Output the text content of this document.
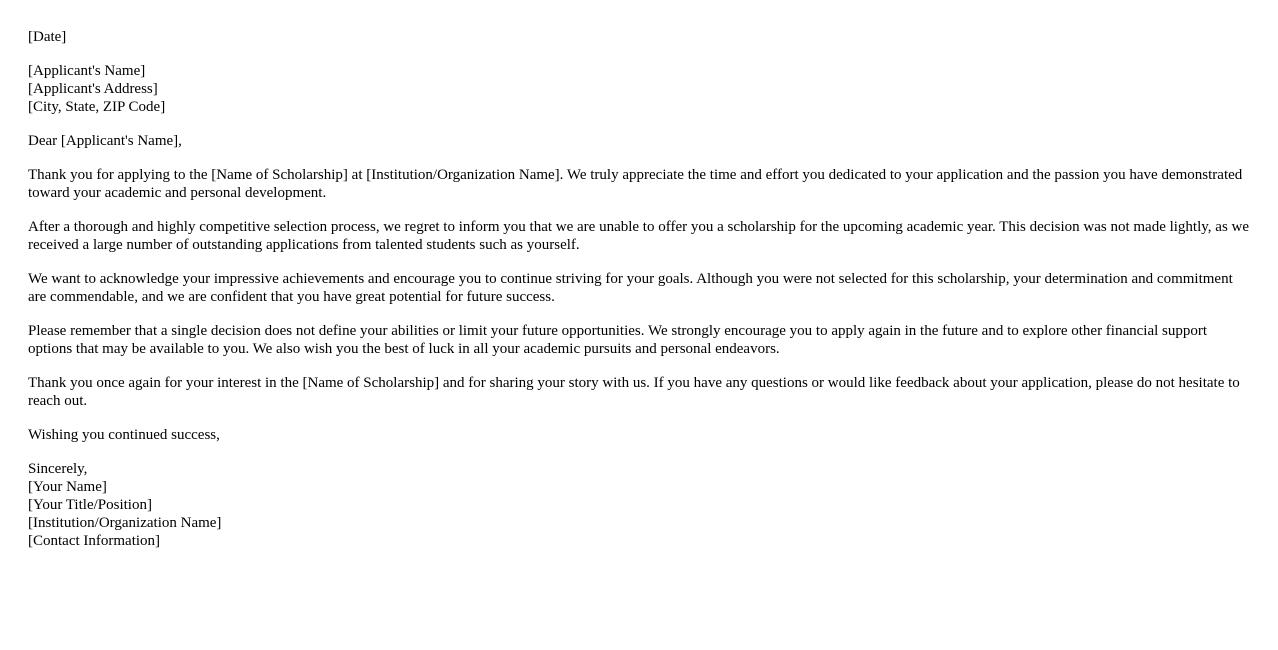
[Date]
[Applicant's Name]
[Applicant's Address]
[City, State, ZIP Code]
Dear [Applicant's Name],

Thank you for applying to the [Name of Scholarship] at [Institution/Organization Name]. We truly appreciate the time and effort you dedicated to your application and the passion you have demonstrated toward your academic and personal development.

After a thorough and highly competitive selection process, we regret to inform you that we are unable to offer you a scholarship for the upcoming academic year. This decision was not made lightly, as we received a large number of outstanding applications from talented students such as yourself.

We want to acknowledge your impressive achievements and encourage you to continue striving for your goals. Although you were not selected for this scholarship, your determination and commitment are commendable, and we are confident that you have great potential for future success.

Please remember that a single decision does not define your abilities or limit your future opportunities. We strongly encourage you to apply again in the future and to explore other financial support options that may be available to you. We also wish you the best of luck in all your academic pursuits and personal endeavors.

Thank you once again for your interest in the [Name of Scholarship] and for sharing your story with us. If you have any questions or would like feedback about your application, please do not hesitate to reach out.

Wishing you continued success,
Sincerely,
[Your Name]
[Your Title/Position]
[Institution/Organization Name]
[Contact Information]
